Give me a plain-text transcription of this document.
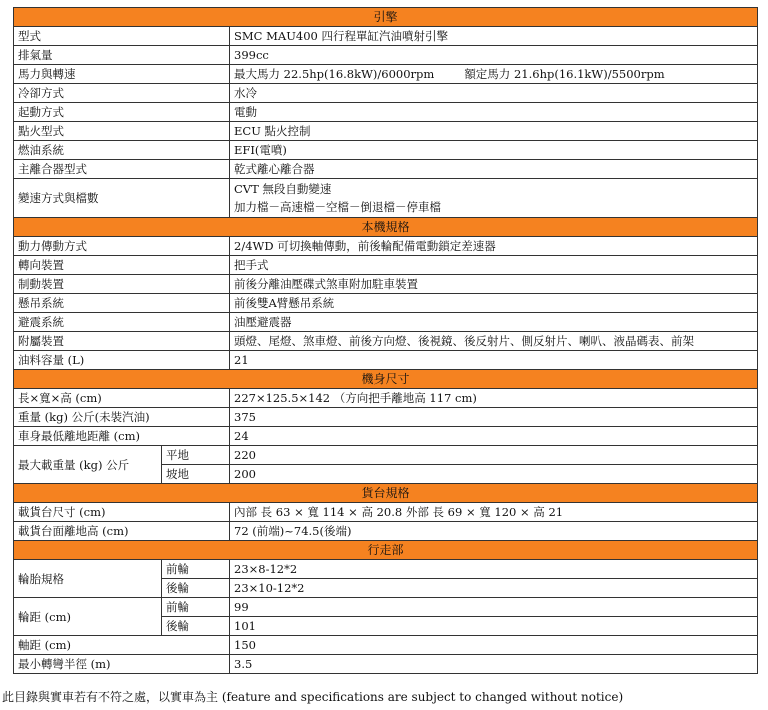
引擎		
型式		SMC MAU400 四行程單缸汽油噴射引擎
排氣量		399cc
馬力與轉速		最大馬力 22.5hp(16.8kW)/6000rpm 額定馬力 21.6hp(16.1kW)/5500rpm
冷卻方式		水冷
起動方式		電動
點火型式		ECU 點火控制
燃油系統		EFI(電噴)
主離合器型式		乾式離心離合器
變速方式與檔數		CVT 無段自動變速
加力檔－高速檔－空檔－倒退檔－停車檔

本機規格		
動力傳動方式		2/4WD 可切換軸傳動，前後輪配備電動鎖定差速器
轉向裝置		把手式
制動裝置		前後分離油壓碟式煞車附加駐車裝置
懸吊系統		前後雙A臂懸吊系統
避震系統		油壓避震器
附屬裝置		頭燈、尾燈、煞車燈、前後方向燈、後視鏡、後反射片、側反射片、喇叭、液晶碼表、前架
油料容量 (L)		21
機身尺寸		
長×寬×高 (cm)		227×125.5×142 （方向把手離地高 117 cm)
重量 (kg) 公斤(未裝汽油)		375
車身最低離地距離 (cm)		24
最大載重量 (kg) 公斤	平地	220
	坡地	200
貨台規格		
載貨台尺寸 (cm)		內部 長 63 × 寬 114 × 高 20.8 外部 長 69 × 寬 120 × 高 21
載貨台面離地高 (cm)		72 (前端)~74.5(後端)
行走部		
輪胎規格	前輪	23×8-12*2
	後輪	23×10-12*2
輪距 (cm)	前輪	99
	後輪	101
軸距 (cm)		150
最小轉彎半徑 (m)		3.5
此目錄與實車若有不符之處，以實車為主 (feature and specifications are subject to changed without notice)
